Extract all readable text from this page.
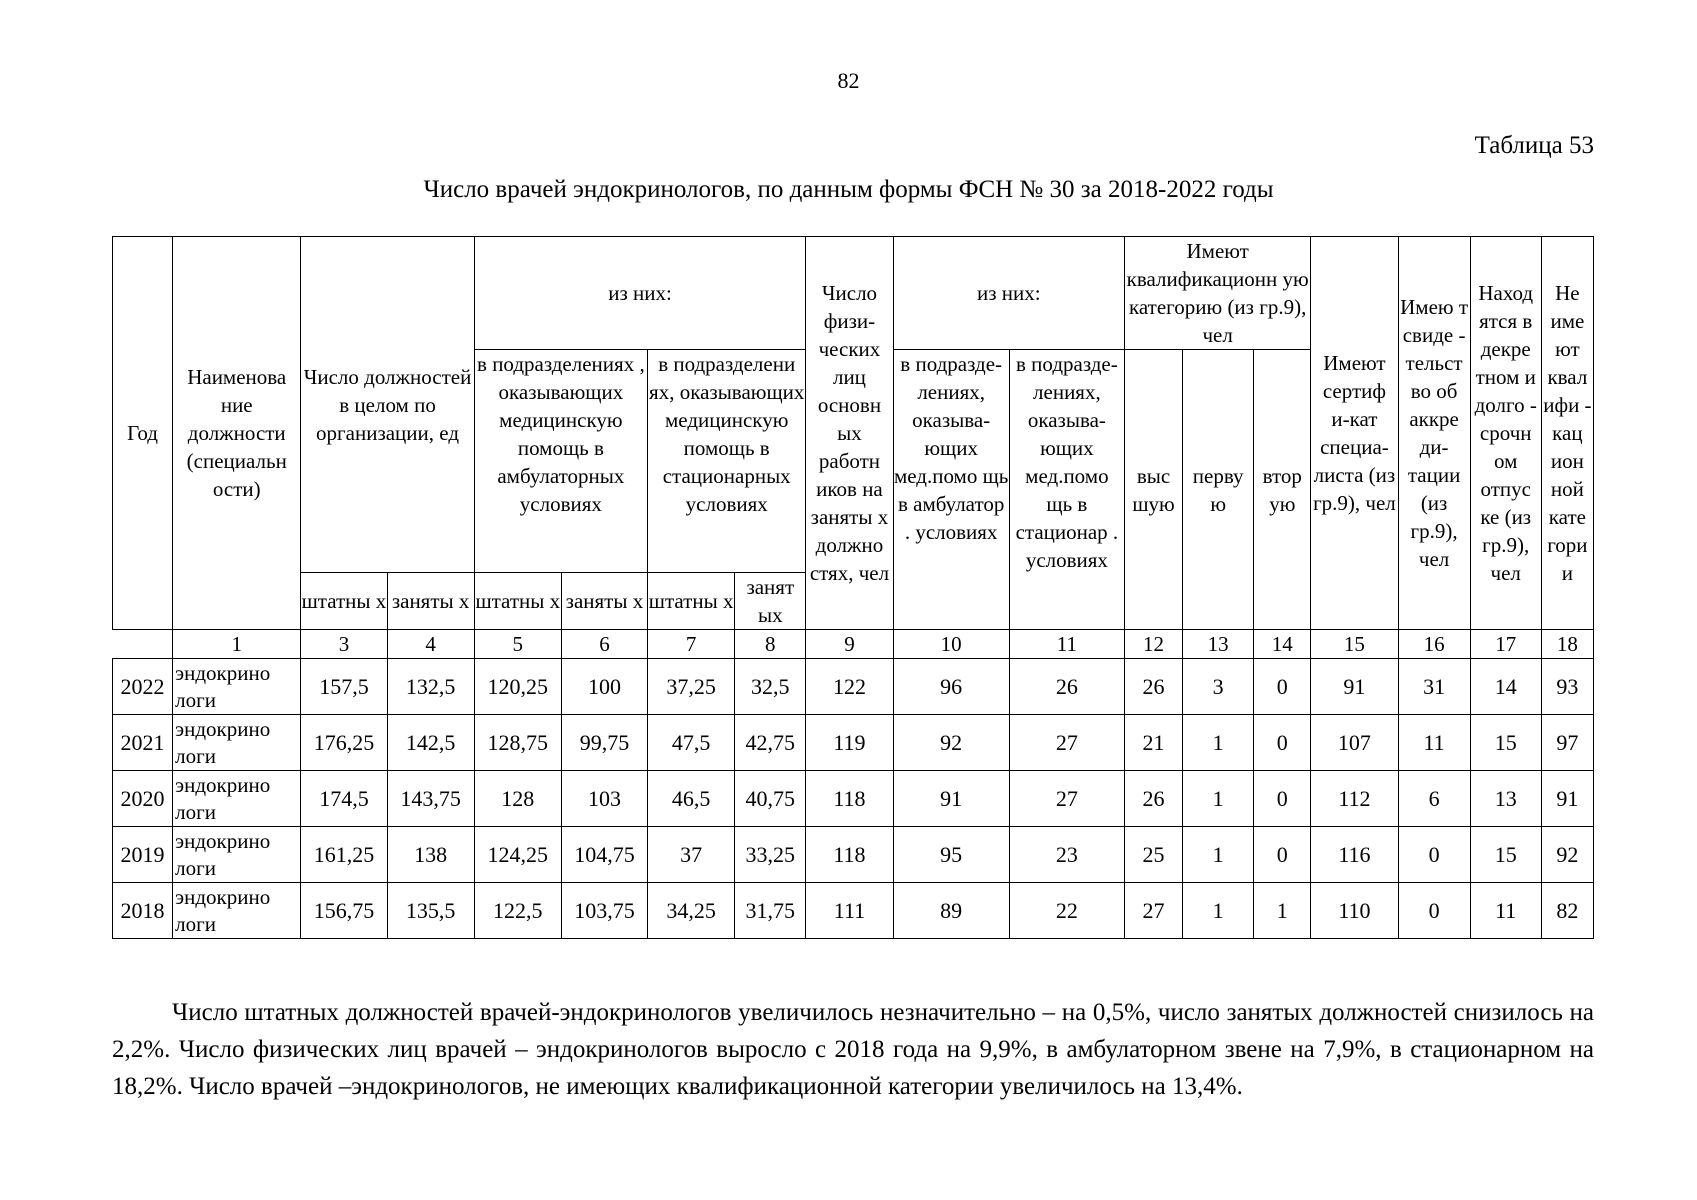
82
Таблица 53
Число врачей эндокринологов, по данным формы ФСН № 30 за 2018-2022 годы
Год	Наименова ние должности (специальн ости)	Число должностей в целом по организации, ед		из них:				Число физи- ческих лиц основн ых работн иков на заняты х должно стях, чел	из них:		Имеют квалификационн ую категорию (из гр.9), чел			Имеют сертиф и-кат специа- листа (из гр.9), чел	Имею т свиде - тельст во об аккре ди- тации (из гр.9), чел	Наход ятся в декре тном и долго - срочн ом отпус ке (из гр.9), чел	Не име ют квал ифи - кац ион ной кате гори и
				в подразделениях , оказывающих медицинскую помощь в амбулаторных условиях		в подразделени ях, оказывающих медицинскую помощь в стационарных условиях			в подразде- лениях, оказыва- ющих мед.помо щь в амбулатор . условиях	в подразде- лениях, оказыва- ющих мед.помо щь в стационар . условиях	выс шую	перву ю	втор ую				
		штатны х	заняты х	штатны х	заняты х	штатны х	занят ых										
	1	3	4	5	6	7	8	9	10	11	12	13	14	15	16	17	18
2022	эндокрино логи	157,5	132,5	120,25	100	37,25	32,5	122	96	26	26	3	0	91	31	14	93
2021	эндокрино логи	176,25	142,5	128,75	99,75	47,5	42,75	119	92	27	21	1	0	107	11	15	97
2020	эндокрино логи	174,5	143,75	128	103	46,5	40,75	118	91	27	26	1	0	112	6	13	91
2019	эндокрино логи	161,25	138	124,25	104,75	37	33,25	118	95	23	25	1	0	116	0	15	92
2018	эндокрино логи	156,75	135,5	122,5	103,75	34,25	31,75	111	89	22	27	1	1	110	0	11	82

Число штатных должностей врачей-эндокринологов увеличилось незначительно – на 0,5%, число занятых должностей снизилось на 2,2%. Число физических лиц врачей – эндокринологов выросло с 2018 года на 9,9%, в амбулаторном звене на 7,9%, в стационарном на 18,2%. Число врачей –эндокринологов, не имеющих квалификационной категории увеличилось на 13,4%.
